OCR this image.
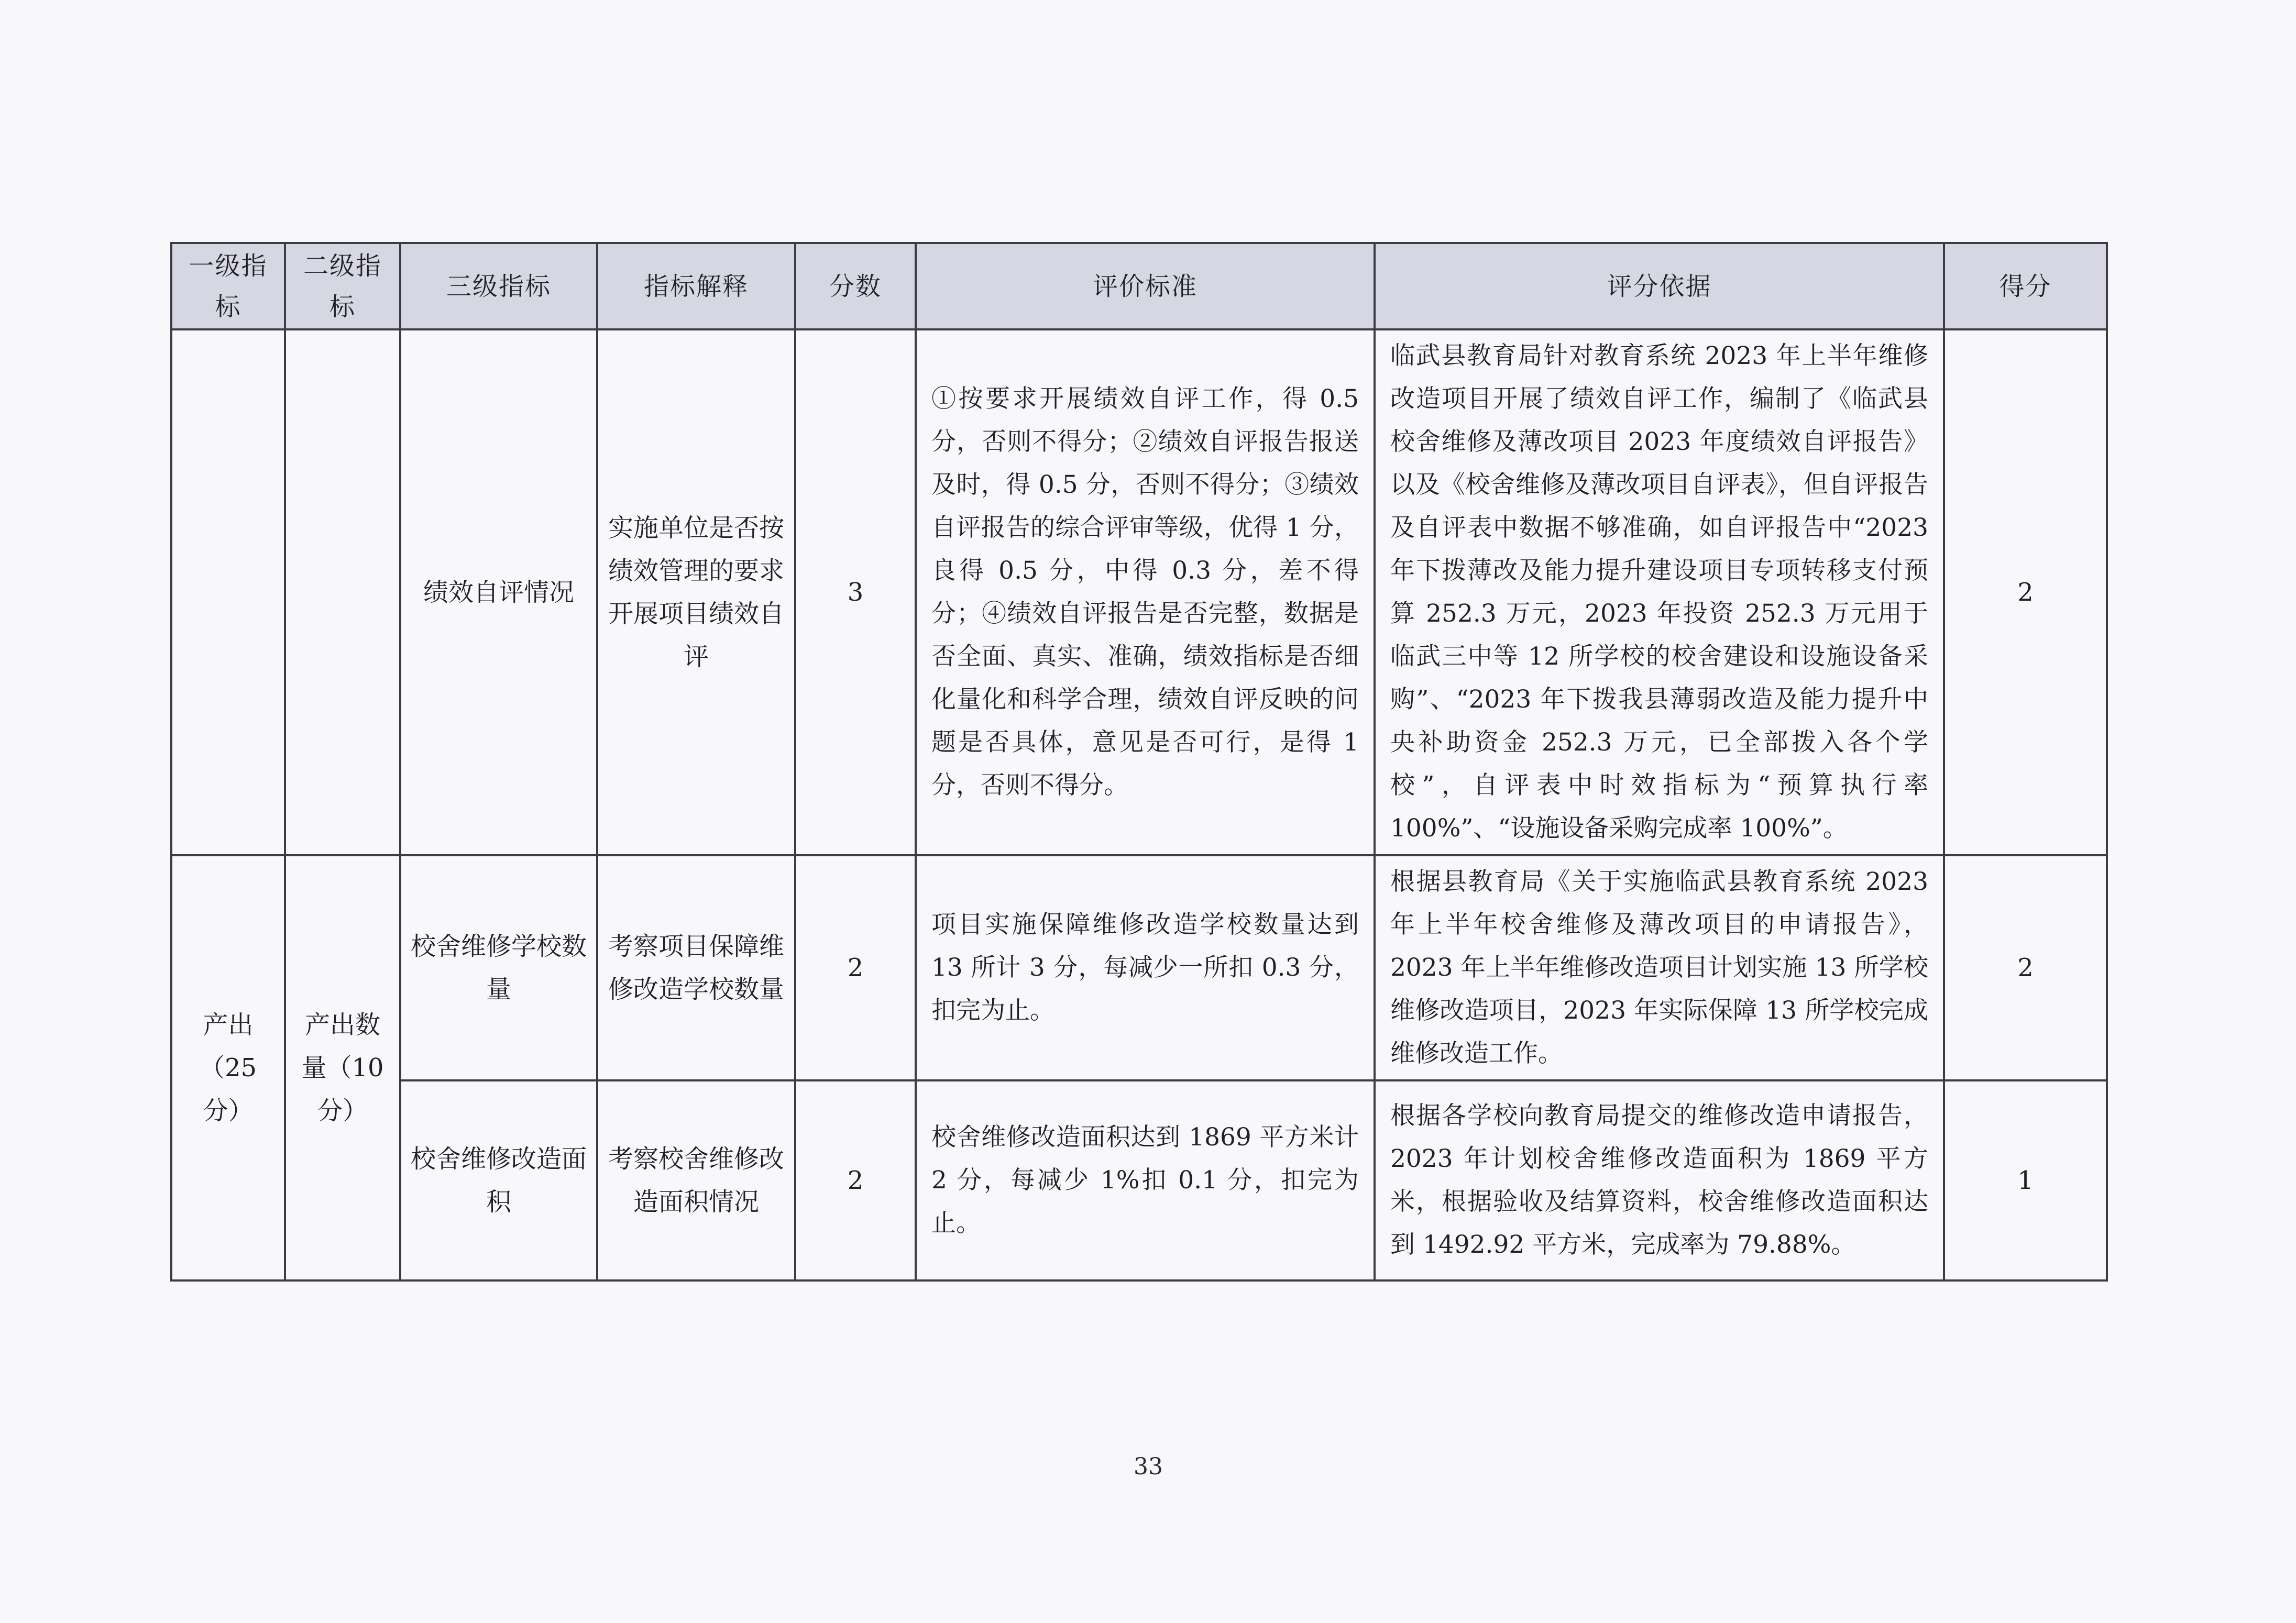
一级指标	二级指标	三级指标	指标解释	分数	评价标准	评分依据	得分
		绩效自评情况	实施单位是否按绩效管理的要求开展项目绩效自评	3	①按要求开展绩效自评工作，得 0.5 分，否则不得分；②绩效自评报告报送及时，得 0.5 分，否则不得分；③绩效自评报告的综合评审等级，优得 1 分，良得 0.5 分，中得 0.3 分，差不得分；④绩效自评报告是否完整，数据是否全面、真实、准确，绩效指标是否细化量化和科学合理，绩效自评反映的问题是否具体，意见是否可行，是得 1 分，否则不得分。	临武县教育局针对教育系统 2023 年上半年维修改造项目开展了绩效自评工作，编制了《临武县校舍维修及薄改项目 2023 年度绩效自评报告》以及《校舍维修及薄改项目自评表》，但自评报告及自评表中数据不够准确，如自评报告中“2023 年下拨薄改及能力提升建设项目专项转移支付预算 252.3 万元，2023 年投资 252.3 万元用于临武三中等 12 所学校的校舍建设和设施设备采购”、“2023 年下拨我县薄弱改造及能力提升中央补助资金 252.3 万元，已全部拨入各个学校”，自评表中时效指标为“预算执行率 100%”、“设施设备采购完成率 100%”。	2
产出（25 分）	产出数量（10 分）	校舍维修学校数量	考察项目保障维修改造学校数量	2	项目实施保障维修改造学校数量达到 13 所计 3 分，每减少一所扣 0.3 分，扣完为止。	根据县教育局《关于实施临武县教育系统 2023 年上半年校舍维修及薄改项目的申请报告》，2023 年上半年维修改造项目计划实施 13 所学校维修改造项目，2023 年实际保障 13 所学校完成维修改造工作。	2
		校舍维修改造面积	考察校舍维修改造面积情况	2	校舍维修改造面积达到 1869 平方米计 2 分，每减少 1%扣 0.1 分，扣完为止。	根据各学校向教育局提交的维修改造申请报告，2023 年计划校舍维修改造面积为 1869 平方米，根据验收及结算资料，校舍维修改造面积达到 1492.92 平方米，完成率为 79.88%。	1
33
